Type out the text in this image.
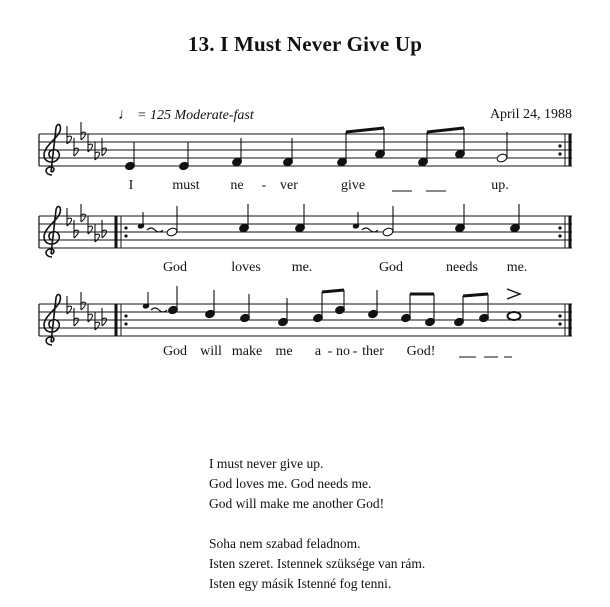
13. I Must Never Give Up
♩ = 125 Moderate-fast	April 24, 1988
I	must ne - ver	give	up.
God	loves me.	God	needs me.
God will make me a - no - ther God!
I must never give up.
God loves me. God needs me.
God will make me another God!
Soha nem szabad feladnom.
Isten szeret. Istennek szüksége van rám.
Isten egy másik Istenné fog tenni.
